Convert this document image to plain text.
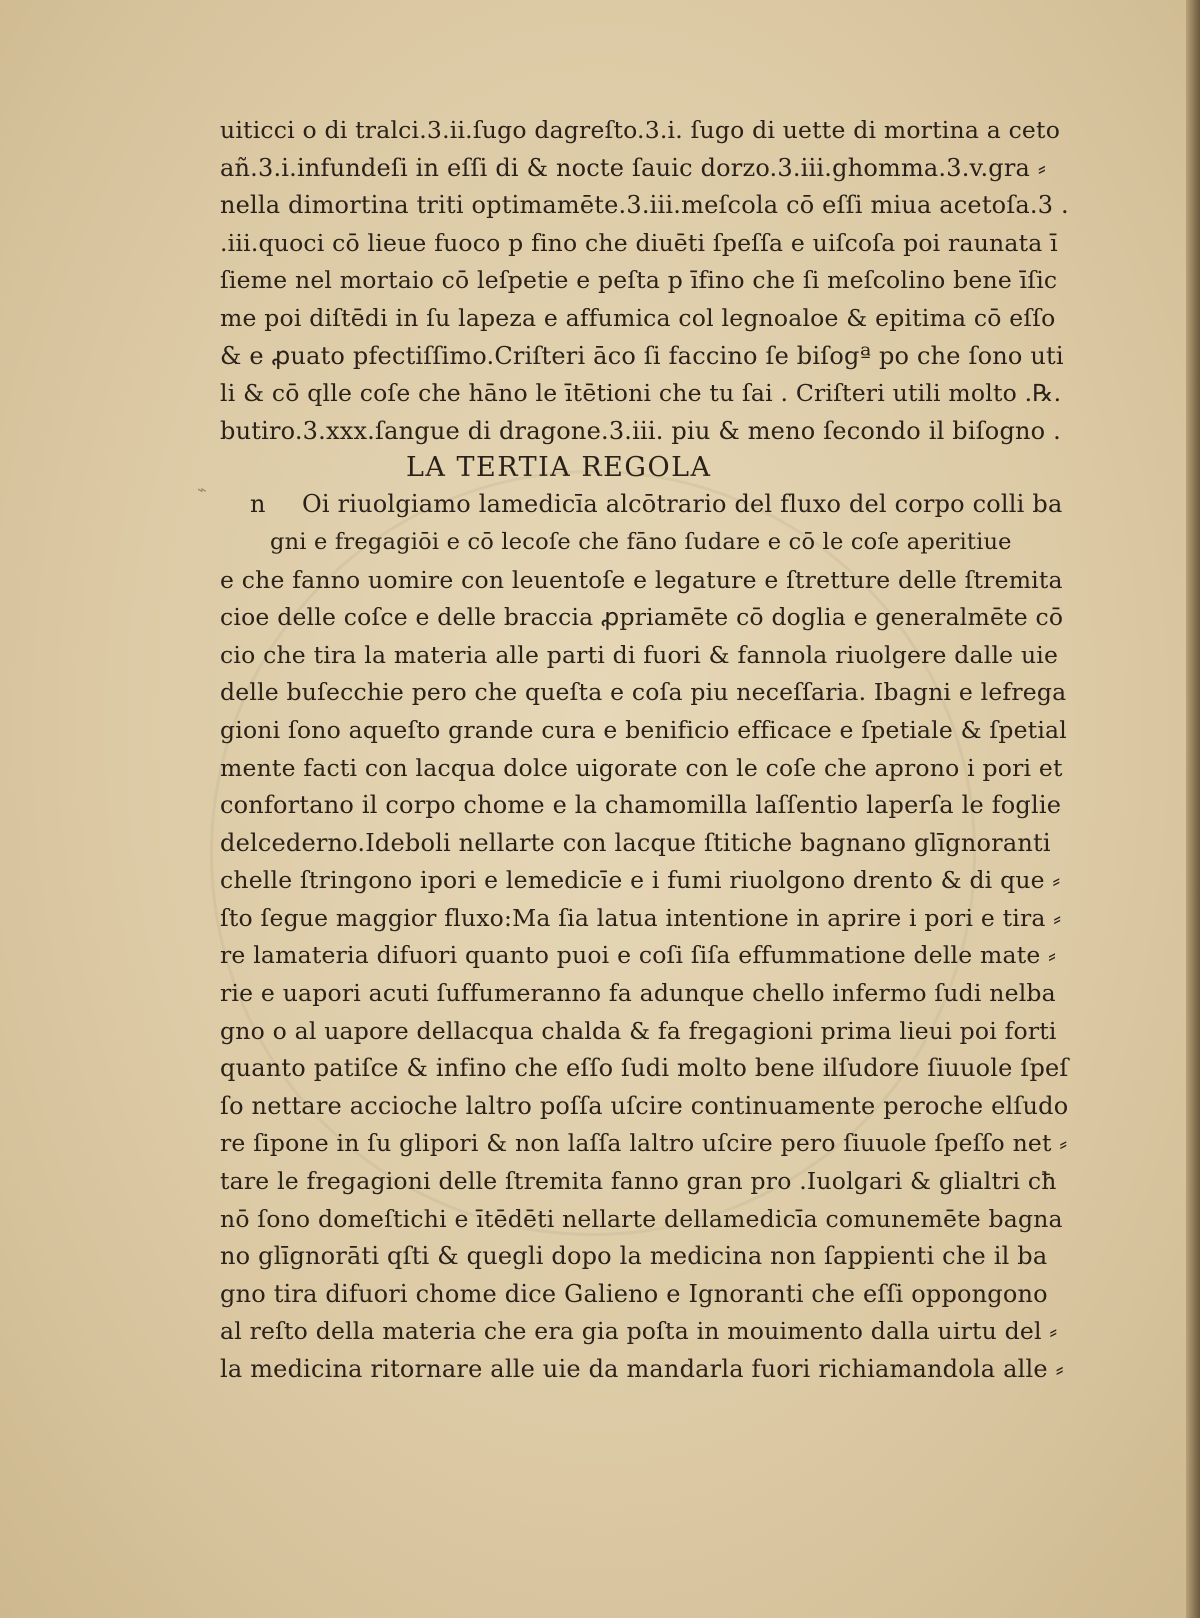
⌁
uiticci o di tralci.3.ii.ſugo dagreſto.3.i. ſugo di uette di mortina a ceto
añ.3.i.infundeſi in eſſi di & nocte ſauic dorzo.3.iii.ghomma.3.v.gra ⸗
nella dimortina triti optimamēte.3.iii.meſcola cō eſſi miua acetoſa.3 .
.iii.quoci cō lieue fuoco p fino che diuēti ſpeſſa e uiſcoſa poi raunata ī
ſieme nel mortaio cō leſpetie e peſta p īfino che ſi meſcolino bene īſic
me poi diſtēdi in ſu lapeza e affumica col legnoaloe & epitima cō eſſo
& e ꝓuato pfectiſſimo.Criſteri āco ſi faccino ſe biſogª po che ſono uti
li & cō qlle coſe che hāno le ītētioni che tu ſai . Criſteri utili molto .℞.
butiro.3.xxx.ſangue di dragone.3.iii. piu & meno ſecondo il biſogno .
LA TERTIA REGOLA
n Oi riuolgiamo lamedicīa alcōtrario del fluxo del corpo colli ba
gni e fregagiōi e cō lecoſe che fāno ſudare e cō le coſe aperitiue
e che fanno uomire con leuentoſe e legature e ſtretture delle ſtremita
cioe delle coſce e delle braccia ꝓpriamēte cō doglia e generalmēte cō
cio che tira la materia alle parti di fuori & fannola riuolgere dalle uie
delle buſecchie pero che queſta e coſa piu neceſſaria. Ibagni e lefrega
gioni ſono aqueſto grande cura e benificio efficace e ſpetiale & ſpetial
mente facti con lacqua dolce uigorate con le coſe che aprono i pori et
confortano il corpo chome e la chamomilla laſſentio laperſa le foglie
delcederno.Ideboli nellarte con lacque ſtitiche bagnano glīgnoranti
chelle ſtringono ipori e lemedicīe e i fumi riuolgono drento & di que ⸗
ſto ſegue maggior fluxo:Ma ſia latua intentione in aprire i pori e tira ⸗
re lamateria difuori quanto puoi e coſi ſiſa effummatione delle mate ⸗
rie e uapori acuti ſuffumeranno fa adunque chello infermo ſudi nelba
gno o al uapore dellacqua chalda & fa fregagioni prima lieui poi forti
quanto patiſce & infino che eſſo ſudi molto bene ilſudore ſiuuole ſpeſ
ſo nettare accioche laltro poſſa uſcire continuamente peroche elſudo
re ſipone in ſu glipori & non laſſa laltro uſcire pero ſiuuole ſpeſſo net ⸗
tare le fregagioni delle ſtremita fanno gran pro .Iuolgari & glialtri cħ
nō ſono domeſtichi e ītēdēti nellarte dellamedicīa comunemēte bagna
no glīgnorāti qſti & quegli dopo la medicina non ſappienti che il ba
gno tira difuori chome dice Galieno e Ignoranti che eſſi oppongono
al reſto della materia che era gia poſta in mouimento dalla uirtu del ⸗
la medicina ritornare alle uie da mandarla fuori richiamandola alle ⸗
